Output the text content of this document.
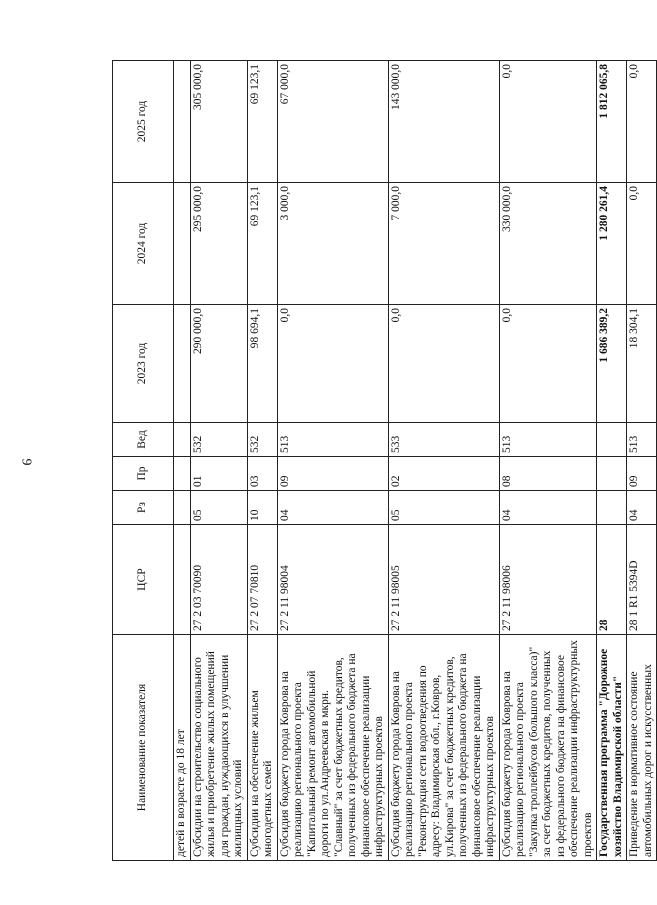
9
Наименование показателя	ЦСР	Рз	Пр	Вед	2023 год	2024 год	2025 год
детей в возрасте до 18 лет							
Субсидии на строительство социального жилья и приобретение жилых помещений для граждан, нуждающихся в улучшении жилищных условий	27 2 03 70090	05	01	532	290 000,0	295 000,0	305 000,0
Субсидии на обеспечение жильем многодетных семей	27 2 07 70810	10	03	532	98 694,1	69 123,1	69 123,1
Субсидия бюджету города Коврова на реализацию регионального проекта "Капитальный ремонт автомобильной дороги по ул.Андреевская в мкрн. "Славный" за счет бюджетных кредитов, полученных из федерального бюджета на финансовое обеспечение реализации инфраструктурных проектов	27 2 11 98004	04	09	513	0,0	3 000,0	67 000,0
Субсидия бюджету города Коврова на реализацию регионального проекта "Реконструкция сети водоотведения по адресу: Владимирская обл., г.Ковров, ул.Кирова" за счет бюджетных кредитов, полученных из федерального бюджета на финансовое обеспечение реализации инфраструктурных проектов	27 2 11 98005	05	02	533	0,0	7 000,0	143 000,0
Субсидия бюджету города Коврова на реализацию регионального проекта "Закупка троллейбусов (большого класса)" за счет бюджетных кредитов, полученных из федерального бюджета на финансовое обеспечение реализации инфраструктурных проектов	27 2 11 98006	04	08	513	0,0	330 000,0	0,0
Государственная программа "Дорожное хозяйство Владимирской области"	28				1 686 389,2	1 280 261,4	1 812 065,8
Приведение в нормативное состояние автомобильных дорог и искусственных	28 1 R1 5394D	04	09	513	18 304,1	0,0	0,0
